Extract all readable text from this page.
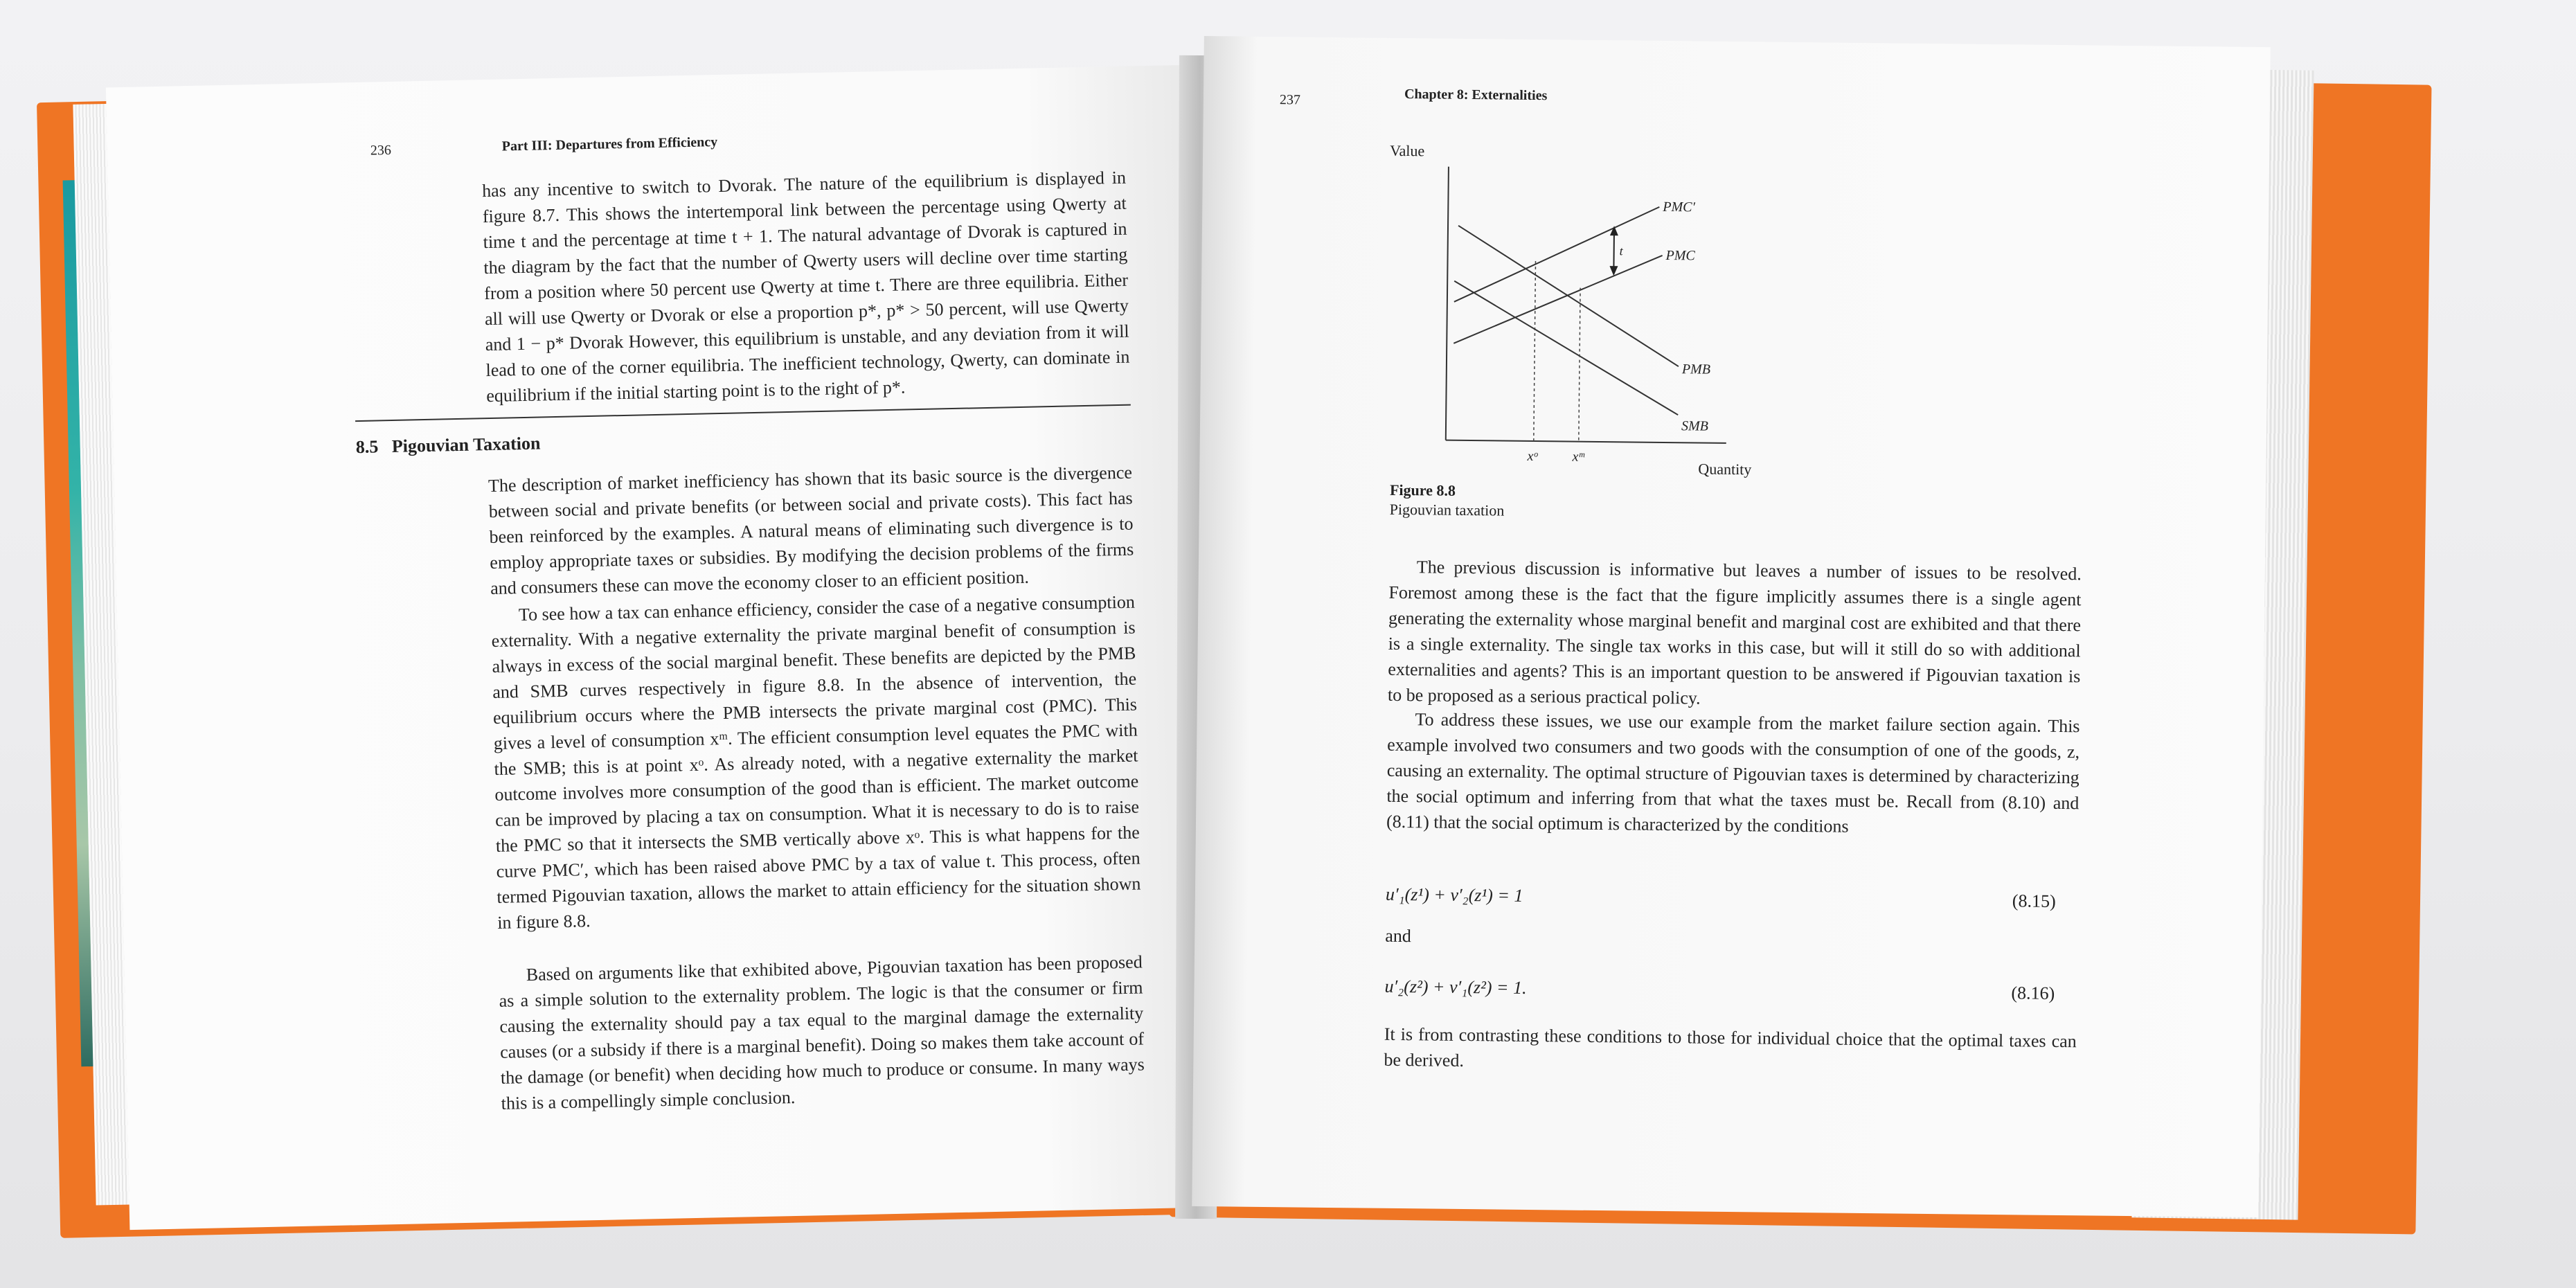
236	Part III: Departures from Efficiency

has any incentive to switch to Dvorak. The nature of the equilibrium is displayed in figure 8.7. This shows the intertemporal link between the percentage using Qwerty at time t and the percentage at time t + 1. The natural advantage of Dvorak is captured in the diagram by the fact that the number of Qwerty users will decline over time starting from a position where 50 percent use Qwerty at time t. There are three equilibria. Either all will use Qwerty or Dvorak or else a proportion p*, p* > 50 percent, will use Qwerty and 1 − p* Dvorak However, this equilibrium is unstable, and any deviation from it will lead to one of the corner equilibria. The inefficient technology, Qwerty, can dominate in equilibrium if the initial starting point is to the right of p*.

8.5 Pigouvian Taxation

The description of market inefficiency has shown that its basic source is the divergence between social and private benefits (or between social and private costs). This fact has been reinforced by the examples. A natural means of eliminating such divergence is to employ appropriate taxes or subsidies. By modifying the decision problems of the firms and consumers these can move the economy closer to an efficient position.

To see how a tax can enhance efficiency, consider the case of a negative consumption externality. With a negative externality the private marginal benefit of consumption is always in excess of the social marginal benefit. These benefits are depicted by the PMB and SMB curves respectively in figure 8.8. In the absence of intervention, the equilibrium occurs where the PMB intersects the private marginal cost (PMC). This gives a level of consumption xᵐ. The efficient consumption level equates the PMC with the SMB; this is at point xᵒ. As already noted, with a negative externality the market outcome involves more consumption of the good than is efficient. The market outcome can be improved by placing a tax on consumption. What it is necessary to do is to raise the PMC so that it intersects the SMB vertically above xᵒ. This is what happens for the curve PMC′, which has been raised above PMC by a tax of value t. This process, often termed Pigouvian taxation, allows the market to attain efficiency for the situation shown in figure 8.8.

Based on arguments like that exhibited above, Pigouvian taxation has been proposed as a simple solution to the externality problem. The logic is that the consumer or firm causing the externality should pay a tax equal to the marginal damage the externality causes (or a subsidy if there is a marginal benefit). Doing so makes them take account of the damage (or benefit) when deciding how much to produce or consume. In many ways this is a compellingly simple conclusion.

237	Chapter 8: Externalities
Value
t
PMC′
PMC
PMB
SMB
xᵒ	xᵐ
Quantity
Figure 8.8
Pigouvian taxation

The previous discussion is informative but leaves a number of issues to be resolved. Foremost among these is the fact that the figure implicitly assumes there is a single agent generating the externality whose marginal benefit and marginal cost are exhibited and that there is a single externality. The single tax works in this case, but will it still do so with additional externalities and agents? This is an important question to be answered if Pigouvian taxation is to be proposed as a serious practical policy.

To address these issues, we use our example from the market failure section again. This example involved two consumers and two goods with the consumption of one of the goods, z, causing an externality. The optimal structure of Pigouvian taxes is determined by characterizing the social optimum and inferring from that what the taxes must be. Recall from (8.10) and (8.11) that the social optimum is characterized by the conditions

u′₁(z¹) + v′₂(z¹) = 1	(8.15)
and
u′₂(z²) + v′₁(z²) = 1.	(8.16)

It is from contrasting these conditions to those for individual choice that the optimal taxes can be derived.
